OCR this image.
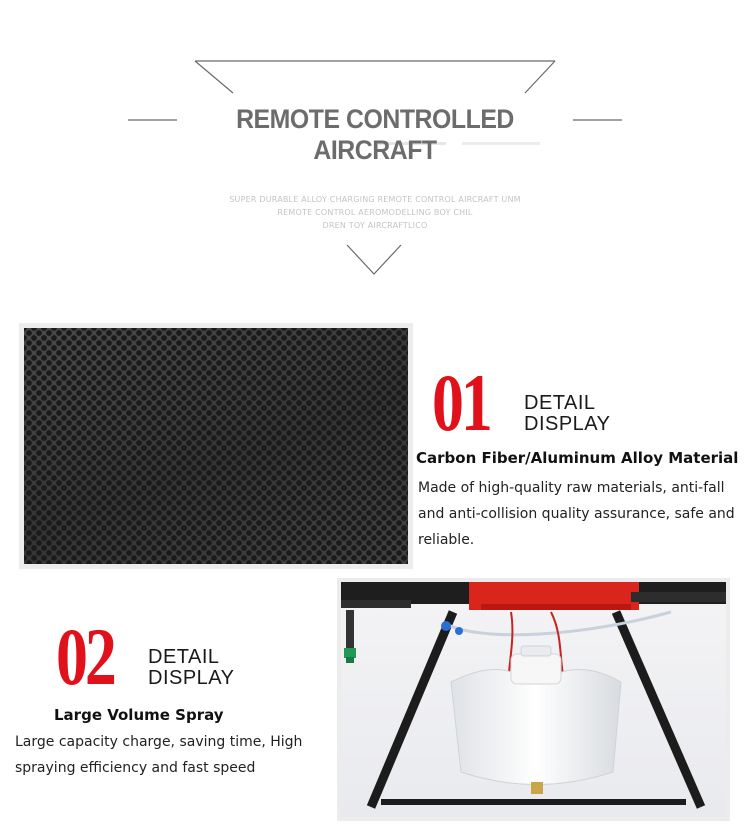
REMOTE CONTROLLED AIRCRAFT
SUPER DURABLE ALLOY CHARGING REMOTE CONTROL AIRCRAFT UNM
REMOTE CONTROL AEROMODELLING BOY CHIL
DREN TOY AIRCRAFTLICO
01 DETAIL
DISPLAY
Carbon Fiber/Aluminum Alloy Material
Made of high-quality raw materials, anti-fall
and anti-collision quality assurance, safe and
reliable.
02 DETAIL
DISPLAY
Large Volume Spray
Large capacity charge, saving time, High
spraying efficiency and fast speed
